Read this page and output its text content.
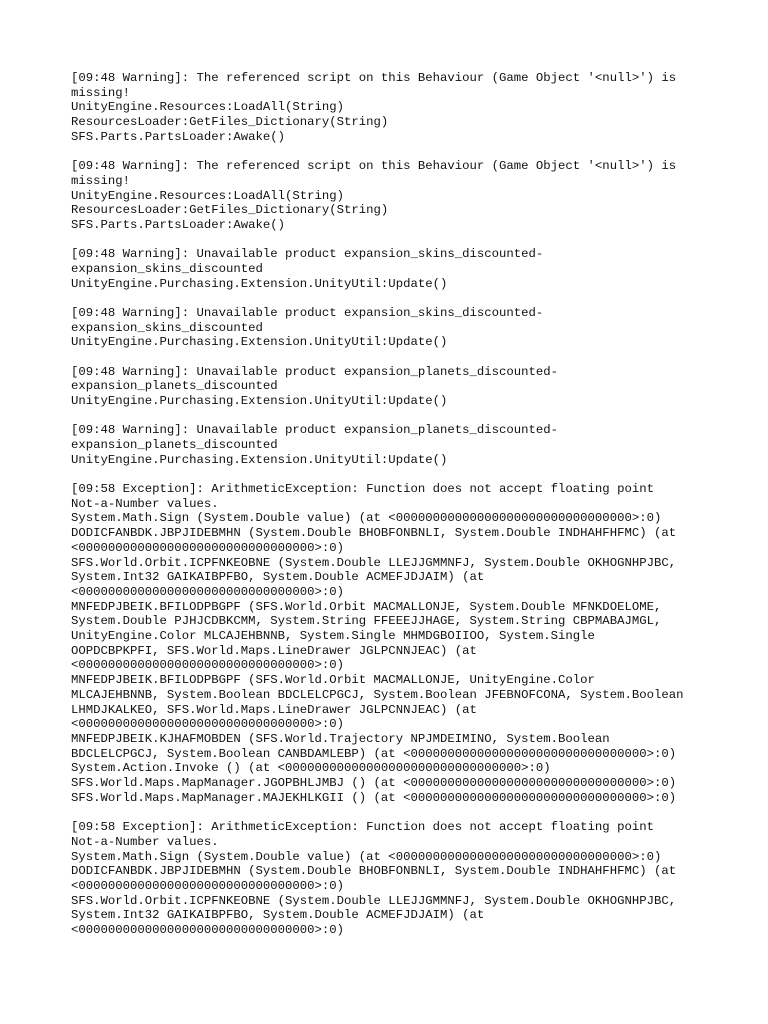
[09:48 Warning]: The referenced script on this Behaviour (Game Object '<null>') is
missing!
UnityEngine.Resources:LoadAll(String)
ResourcesLoader:GetFiles_Dictionary(String)
SFS.Parts.PartsLoader:Awake()
[09:48 Warning]: The referenced script on this Behaviour (Game Object '<null>') is
missing!
UnityEngine.Resources:LoadAll(String)
ResourcesLoader:GetFiles_Dictionary(String)
SFS.Parts.PartsLoader:Awake()
[09:48 Warning]: Unavailable product expansion_skins_discounted-
expansion_skins_discounted
UnityEngine.Purchasing.Extension.UnityUtil:Update()
[09:48 Warning]: Unavailable product expansion_skins_discounted-
expansion_skins_discounted
UnityEngine.Purchasing.Extension.UnityUtil:Update()
[09:48 Warning]: Unavailable product expansion_planets_discounted-
expansion_planets_discounted
UnityEngine.Purchasing.Extension.UnityUtil:Update()
[09:48 Warning]: Unavailable product expansion_planets_discounted-
expansion_planets_discounted
UnityEngine.Purchasing.Extension.UnityUtil:Update()
[09:58 Exception]: ArithmeticException: Function does not accept floating point
Not-a-Number values.
System.Math.Sign (System.Double value) (at <00000000000000000000000000000000>:0)
DODICFANBDK.JBPJIDEBMHN (System.Double BHOBFONBNLI, System.Double INDHAHFHFMC) (at
<00000000000000000000000000000000>:0)
SFS.World.Orbit.ICPFNKEOBNE (System.Double LLEJJGMMNFJ, System.Double OKHOGNHPJBC,
System.Int32 GAIKAIBPFBO, System.Double ACMEFJDJAIM) (at
<00000000000000000000000000000000>:0)
MNFEDPJBEIK.BFILODPBGPF (SFS.World.Orbit MACMALLONJE, System.Double MFNKDOELOME,
System.Double PJHJCDBKCMM, System.String FFEEEJJHAGE, System.String CBPMABAJMGL,
UnityEngine.Color MLCAJEHBNNB, System.Single MHMDGBOIIOO, System.Single
OOPDCBPKPFI, SFS.World.Maps.LineDrawer JGLPCNNJEAC) (at
<00000000000000000000000000000000>:0)
MNFEDPJBEIK.BFILODPBGPF (SFS.World.Orbit MACMALLONJE, UnityEngine.Color
MLCAJEHBNNB, System.Boolean BDCLELCPGCJ, System.Boolean JFEBNOFCONA, System.Boolean
LHMDJKALKEO, SFS.World.Maps.LineDrawer JGLPCNNJEAC) (at
<00000000000000000000000000000000>:0)
MNFEDPJBEIK.KJHAFMOBDEN (SFS.World.Trajectory NPJMDEIMINO, System.Boolean
BDCLELCPGCJ, System.Boolean CANBDAMLEBP) (at <00000000000000000000000000000000>:0)
System.Action.Invoke () (at <00000000000000000000000000000000>:0)
SFS.World.Maps.MapManager.JGOPBHLJMBJ () (at <00000000000000000000000000000000>:0)
SFS.World.Maps.MapManager.MAJEKHLKGII () (at <00000000000000000000000000000000>:0)
[09:58 Exception]: ArithmeticException: Function does not accept floating point
Not-a-Number values.
System.Math.Sign (System.Double value) (at <00000000000000000000000000000000>:0)
DODICFANBDK.JBPJIDEBMHN (System.Double BHOBFONBNLI, System.Double INDHAHFHFMC) (at
<00000000000000000000000000000000>:0)
SFS.World.Orbit.ICPFNKEOBNE (System.Double LLEJJGMMNFJ, System.Double OKHOGNHPJBC,
System.Int32 GAIKAIBPFBO, System.Double ACMEFJDJAIM) (at
<00000000000000000000000000000000>:0)
